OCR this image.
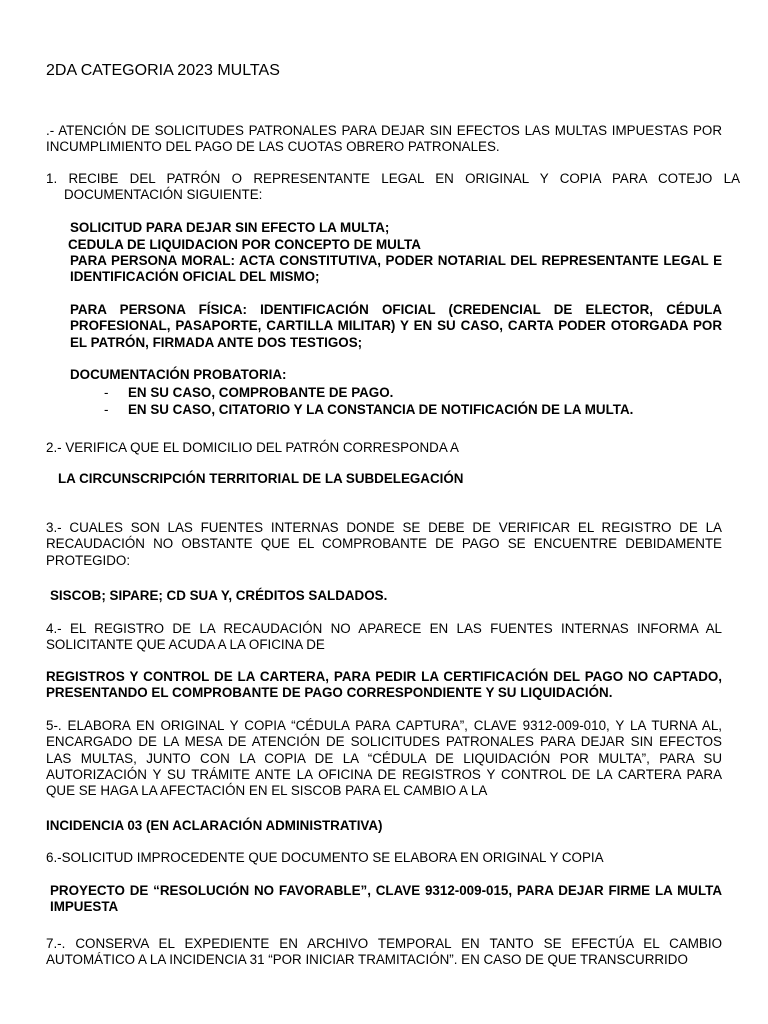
2DA CATEGORIA 2023 MULTAS
.- ATENCIÓN DE SOLICITUDES PATRONALES PARA DEJAR SIN EFECTOS LAS MULTAS IMPUESTAS POR INCUMPLIMIENTO DEL PAGO DE LAS CUOTAS OBRERO PATRONALES.
1. RECIBE DEL PATRÓN O REPRESENTANTE LEGAL EN ORIGINAL Y COPIA PARA COTEJO LA DOCUMENTACIÓN SIGUIENTE:
SOLICITUD PARA DEJAR SIN EFECTO LA MULTA;
CEDULA DE LIQUIDACION POR CONCEPTO DE MULTA
PARA PERSONA MORAL: ACTA CONSTITUTIVA, PODER NOTARIAL DEL REPRESENTANTE LEGAL E IDENTIFICACIÓN OFICIAL DEL MISMO;
PARA PERSONA FÍSICA: IDENTIFICACIÓN OFICIAL (CREDENCIAL DE ELECTOR, CÉDULA PROFESIONAL, PASAPORTE, CARTILLA MILITAR) Y EN SU CASO, CARTA PODER OTORGADA POR EL PATRÓN, FIRMADA ANTE DOS TESTIGOS;
DOCUMENTACIÓN PROBATORIA:
- EN SU CASO, COMPROBANTE DE PAGO.
- EN SU CASO, CITATORIO Y LA CONSTANCIA DE NOTIFICACIÓN DE LA MULTA.
2.- VERIFICA QUE EL DOMICILIO DEL PATRÓN CORRESPONDA A
LA CIRCUNSCRIPCIÓN TERRITORIAL DE LA SUBDELEGACIÓN
3.- CUALES SON LAS FUENTES INTERNAS DONDE SE DEBE DE VERIFICAR EL REGISTRO DE LA RECAUDACIÓN NO OBSTANTE QUE EL COMPROBANTE DE PAGO SE ENCUENTRE DEBIDAMENTE PROTEGIDO:
SISCOB; SIPARE; CD SUA Y, CRÉDITOS SALDADOS.
4.- EL REGISTRO DE LA RECAUDACIÓN NO APARECE EN LAS FUENTES INTERNAS INFORMA AL SOLICITANTE QUE ACUDA A LA OFICINA DE
REGISTROS Y CONTROL DE LA CARTERA, PARA PEDIR LA CERTIFICACIÓN DEL PAGO NO CAPTADO, PRESENTANDO EL COMPROBANTE DE PAGO CORRESPONDIENTE Y SU LIQUIDACIÓN.
5-. ELABORA EN ORIGINAL Y COPIA “CÉDULA PARA CAPTURA”, CLAVE 9312-009-010, Y LA TURNA AL, ENCARGADO DE LA MESA DE ATENCIÓN DE SOLICITUDES PATRONALES PARA DEJAR SIN EFECTOS LAS MULTAS, JUNTO CON LA COPIA DE LA “CÉDULA DE LIQUIDACIÓN POR MULTA”, PARA SU AUTORIZACIÓN Y SU TRÁMITE ANTE LA OFICINA DE REGISTROS Y CONTROL DE LA CARTERA PARA QUE SE HAGA LA AFECTACIÓN EN EL SISCOB PARA EL CAMBIO A LA
INCIDENCIA 03 (EN ACLARACIÓN ADMINISTRATIVA)
6.-SOLICITUD IMPROCEDENTE QUE DOCUMENTO SE ELABORA EN ORIGINAL Y COPIA
PROYECTO DE “RESOLUCIÓN NO FAVORABLE”, CLAVE 9312-009-015, PARA DEJAR FIRME LA MULTA IMPUESTA
7.-. CONSERVA EL EXPEDIENTE EN ARCHIVO TEMPORAL EN TANTO SE EFECTÚA EL CAMBIO AUTOMÁTICO A LA INCIDENCIA 31 “POR INICIAR TRAMITACIÓN”. EN CASO DE QUE TRANSCURRIDO
